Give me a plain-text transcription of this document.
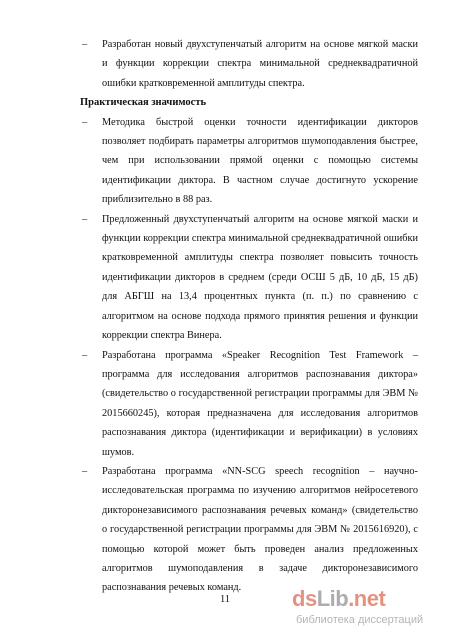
– Разработан новый двухступенчатый алгоритм на основе мягкой маски и функции коррекции спектра минимальной среднеквадратичной ошибки кратковременной амплитуды спектра.

Практическая значимость

– Методика быстрой оценки точности идентификации дикторов позволяет подбирать параметры алгоритмов шумоподавления быстрее, чем при использовании прямой оценки с помощью системы идентификации диктора. В частном случае достигнуто ускорение приблизительно в 88 раз.

– Предложенный двухступенчатый алгоритм на основе мягкой маски и функции коррекции спектра минимальной среднеквадратичной ошибки кратковременной амплитуды спектра позволяет повысить точность идентификации дикторов в среднем (среди ОСШ 5 дБ, 10 дБ, 15 дБ) для АБГШ на 13,4 процентных пункта (п. п.) по сравнению с алгоритмом на основе подхода прямого принятия решения и функции коррекции спектра Винера.

– Разработана программа «Speaker Recognition Test Framework – программа для исследования алгоритмов распознавания диктора» (свидетельство о государственной регистрации программы для ЭВМ № 2015660245), которая предназначена для исследования алгоритмов распознавания диктора (идентификации и верификации) в условиях шумов.

– Разработана программа «NN-SCG speech recognition – научно-исследовательская программа по изучению алгоритмов нейросетевого дикторонезависимого распознавания речевых команд» (свидетельство о государственной регистрации программы для ЭВМ № 2015616920), с помощью которой может быть проведен анализ предложенных алгоритмов шумоподавления в задаче дикторонезависимого распознавания речевых команд.

11	dsLib.net
библиотека диссертаций
